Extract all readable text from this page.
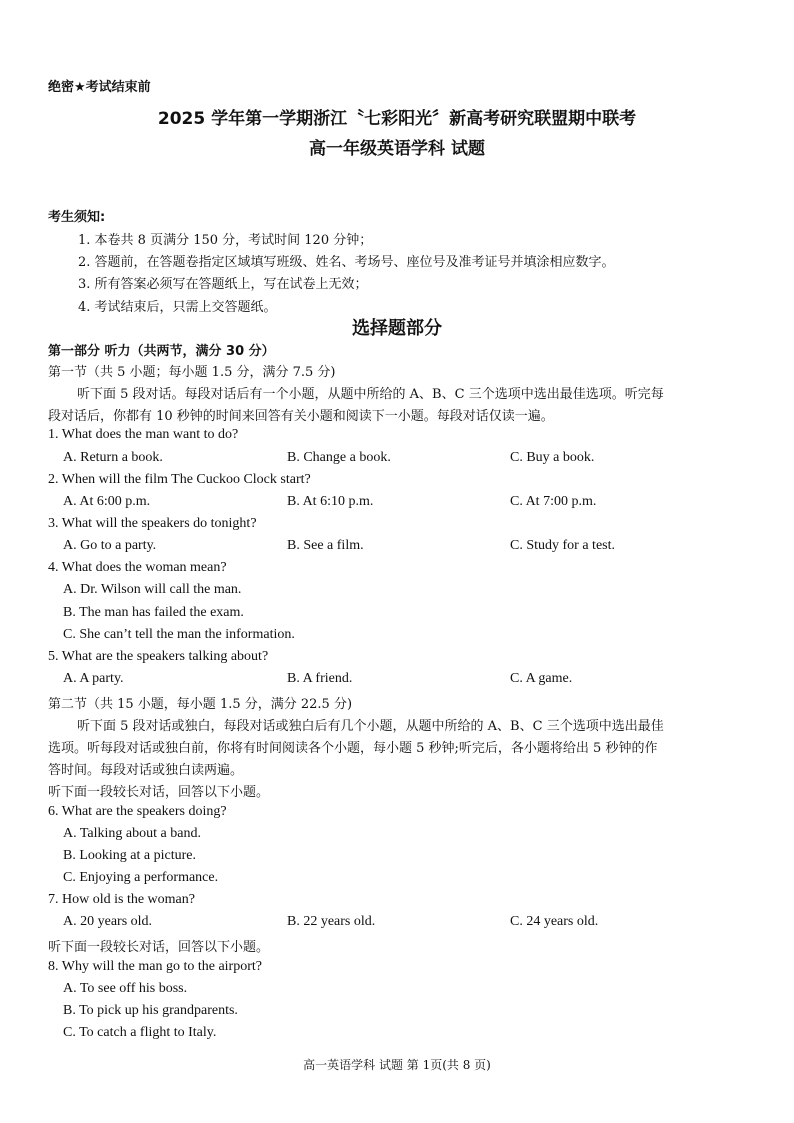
绝密★考试结束前
2025 学年第一学期浙江〝七彩阳光〞新高考研究联盟期中联考
高一年级英语学科 试题
考生须知:
1. 本卷共 8 页满分 150 分，考试时间 120 分钟；
2. 答题前，在答题卷指定区域填写班级、姓名、考场号、座位号及准考证号并填涂相应数字。
3. 所有答案必须写在答题纸上，写在试卷上无效；
4. 考试结束后，只需上交答题纸。
选择题部分
第一部分 听力（共两节，满分 30 分）
第一节（共 5 小题；每小题 1.5 分，满分 7.5 分)
听下面 5 段对话。每段对话后有一个小题，从题中所给的 A、B、C 三个选项中选出最佳选项。听完每
段对话后，你都有 10 秒钟的时间来回答有关小题和阅读下一小题。每段对话仅读一遍。
1. What does the man want to do?
A. Return a book.	B. Change a book.	C. Buy a book.
2. When will the film The Cuckoo Clock start?
A. At 6:00 p.m.	B. At 6:10 p.m.	C. At 7:00 p.m.
3. What will the speakers do tonight?
A. Go to a party.	B. See a film.	C. Study for a test.
4. What does the woman mean?
A. Dr. Wilson will call the man.
B. The man has failed the exam.
C. She can’t tell the man the information.
5. What are the speakers talking about?
A. A party.	B. A friend.	C. A game.
第二节（共 15 小题，每小题 1.5 分，满分 22.5 分)
听下面 5 段对话或独白，每段对话或独白后有几个小题，从题中所给的 A、B、C 三个选项中选出最佳
选项。听每段对话或独白前，你将有时间阅读各个小题，每小题 5 秒钟;听完后，各小题将给出 5 秒钟的作
答时间。每段对话或独白读两遍。
听下面一段较长对话，回答以下小题。
6. What are the speakers doing?
A. Talking about a band.
B. Looking at a picture.
C. Enjoying a performance.
7. How old is the woman?
A. 20 years old.	B. 22 years old.	C. 24 years old.
听下面一段较长对话，回答以下小题。
8. Why will the man go to the airport?
A. To see off his boss.
B. To pick up his grandparents.
C. To catch a flight to Italy.
高一英语学科 试题 第 1页(共 8 页)
